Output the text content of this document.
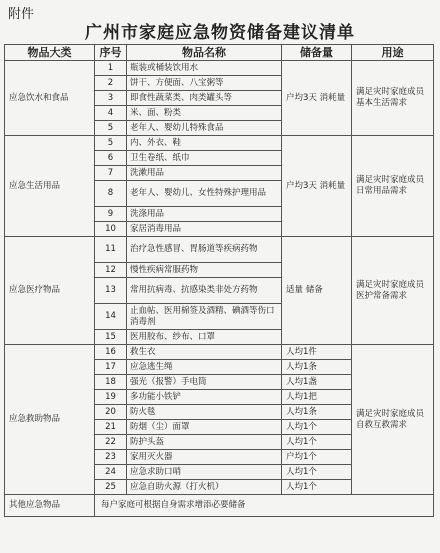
附件
广州市家庭应急物资储备建议清单
物品大类	序号	物品名称	储备量	用途
应急饮水和食品	1	瓶装或桶装饮用水	户均3天 消耗量	满足灾时家庭成员基本生活需求
	2	饼干、方便面、八宝粥等		
	3	即食性蔬菜类、肉类罐头等		
	4	米、面、粉类		
	5	老年人、婴幼儿特殊食品		
应急生活用品	5	内、外衣、鞋	户均3天 消耗量	满足灾时家庭成员日常用品需求
	6	卫生卷纸、纸巾		
	7	洗漱用品		
	8	老年人、婴幼儿、女性特殊护理用品		
	9	洗涤用品		
	10	家居消毒用品		
应急医疗物品	11	治疗急性感冒、胃肠道等疾病药物	适量 储备	满足灾时家庭成员医护常备需求
	12	慢性疾病常服药物		
	13	常用抗病毒、抗感染类非处方药物		
	14	止血帖、医用棉签及酒精、碘酒等伤口消毒剂		
	15	医用胶布、纱布、口罩		
应急救助物品	16	救生衣	人均1件	满足灾时家庭成员自救互救需求
	17	应急逃生绳	人均1条	
	18	强光（报警）手电筒	人均1盏	
	19	多功能小铁铲	人均1把	
	20	防火毯	人均1条	
	21	防烟（尘）面罩	人均1个	
	22	防护头盔	人均1个	
	23	家用灭火器	户均1个	
	24	应急求助口哨	人均1个	
	25	应急自助火源（打火机）	人均1个	
其他应急物品	每户家庭可根据自身需求增添必要储备			
